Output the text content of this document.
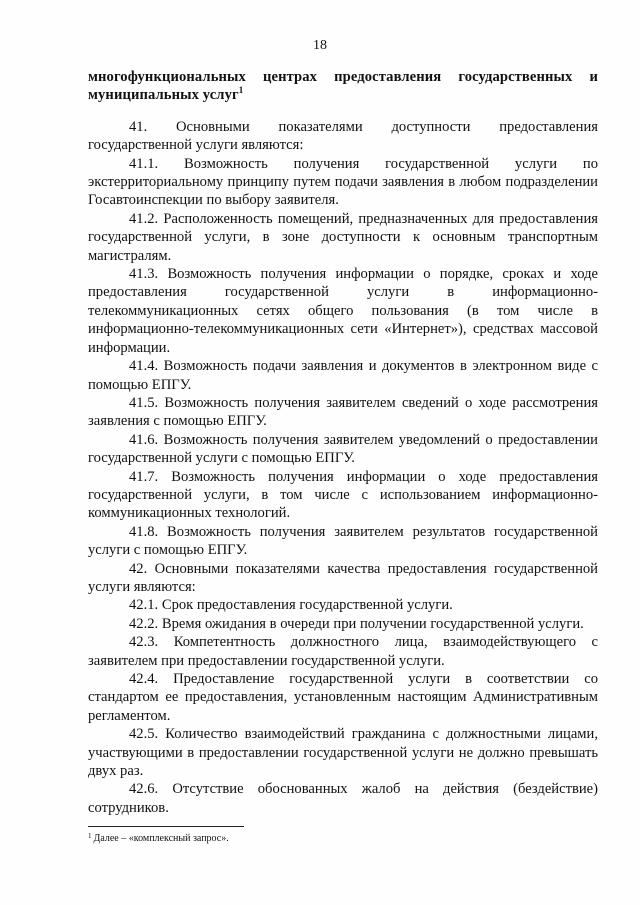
18

многофункциональных центрах предоставления государственных и муниципальных услуг$^1$

41. Основными показателями доступности предоставления государственной услуги являются:

41.1. Возможность получения государственной услуги по экстерриториальному принципу путем подачи заявления в любом подразделении Госавтоинспекции по выбору заявителя.

41.2. Расположенность помещений, предназначенных для предоставления государственной услуги, в зоне доступности к основным транспортным магистралям.

41.3. Возможность получения информации о порядке, сроках и ходе предоставления государственной услуги в информационно-телекоммуникационных сетях общего пользования (в том числе в информационно-телекоммуникационных сети «Интернет»), средствах массовой информации.

41.4. Возможность подачи заявления и документов в электронном виде с помощью ЕПГУ.

41.5. Возможность получения заявителем сведений о ходе рассмотрения заявления с помощью ЕПГУ.

41.6. Возможность получения заявителем уведомлений о предоставлении государственной услуги с помощью ЕПГУ.

41.7. Возможность получения информации о ходе предоставления государственной услуги, в том числе с использованием информационно-коммуникационных технологий.

41.8. Возможность получения заявителем результатов государственной услуги с помощью ЕПГУ.

42. Основными показателями качества предоставления государственной услуги являются:

42.1. Срок предоставления государственной услуги.

42.2. Время ожидания в очереди при получении государственной услуги.

42.3. Компетентность должностного лица, взаимодействующего с заявителем при предоставлении государственной услуги.

42.4. Предоставление государственной услуги в соответствии со стандартом ее предоставления, установленным настоящим Административным регламентом.

42.5. Количество взаимодействий гражданина с должностными лицами, участвующими в предоставлении государственной услуги не должно превышать двух раз.

42.6. Отсутствие обоснованных жалоб на действия (бездействие) сотрудников.

$^1$ Далее – «комплексный запрос».
